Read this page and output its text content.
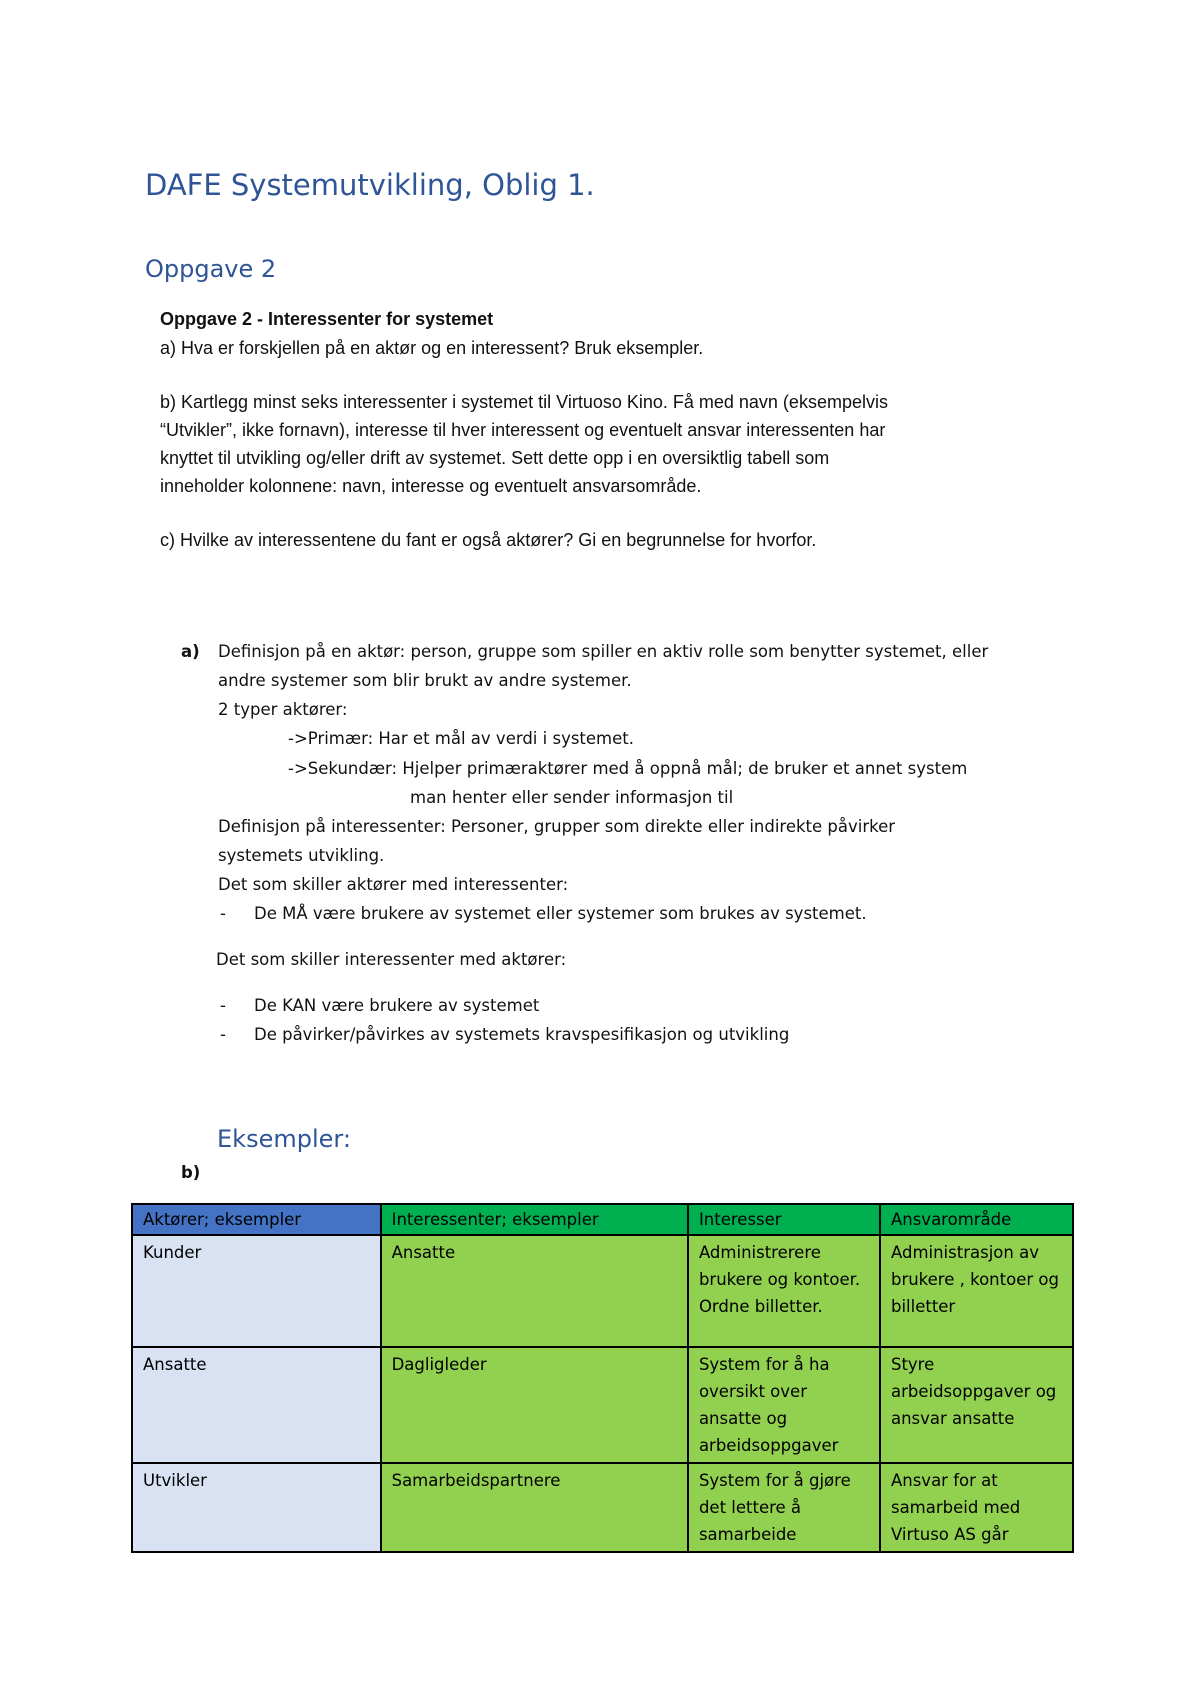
DAFE Systemutvikling, Oblig 1.
Oppgave 2
Oppgave 2 - Interessenter for systemet
a) Hva er forskjellen på en aktør og en interessent? Bruk eksempler.
b) Kartlegg minst seks interessenter i systemet til Virtuoso Kino. Få med navn (eksempelvis
“Utvikler”, ikke fornavn), interesse til hver interessent og eventuelt ansvar interessenten har
knyttet til utvikling og/eller drift av systemet. Sett dette opp i en oversiktlig tabell som
inneholder kolonnene: navn, interesse og eventuelt ansvarsområde.
c) Hvilke av interessentene du fant er også aktører? Gi en begrunnelse for hvorfor.
a) Definisjon på en aktør: person, gruppe som spiller en aktiv rolle som benytter systemet, eller
andre systemer som blir brukt av andre systemer.
2 typer aktører:
->Primær: Har et mål av verdi i systemet.
->Sekundær: Hjelper primæraktører med å oppnå mål; de bruker et annet system
man henter eller sender informasjon til
Definisjon på interessenter: Personer, grupper som direkte eller indirekte påvirker
systemets utvikling.
Det som skiller aktører med interessenter:
- De MÅ være brukere av systemet eller systemer som brukes av systemet.
Det som skiller interessenter med aktører:
- De KAN være brukere av systemet
- De påvirker/påvirkes av systemets kravspesifikasjon og utvikling
Eksempler:
b)
Aktører; eksempler	Interessenter; eksempler	Interesser	Ansvarområde
Kunder	Ansatte	Administrerere brukere og kontoer. Ordne billetter.	Administrasjon av brukere , kontoer og billetter
Ansatte	Dagligleder	System for å ha oversikt over ansatte og arbeidsoppgaver	Styre arbeidsoppgaver og ansvar ansatte
Utvikler	Samarbeidspartnere	System for å gjøre det lettere å samarbeide	Ansvar for at samarbeid med Virtuso AS går
